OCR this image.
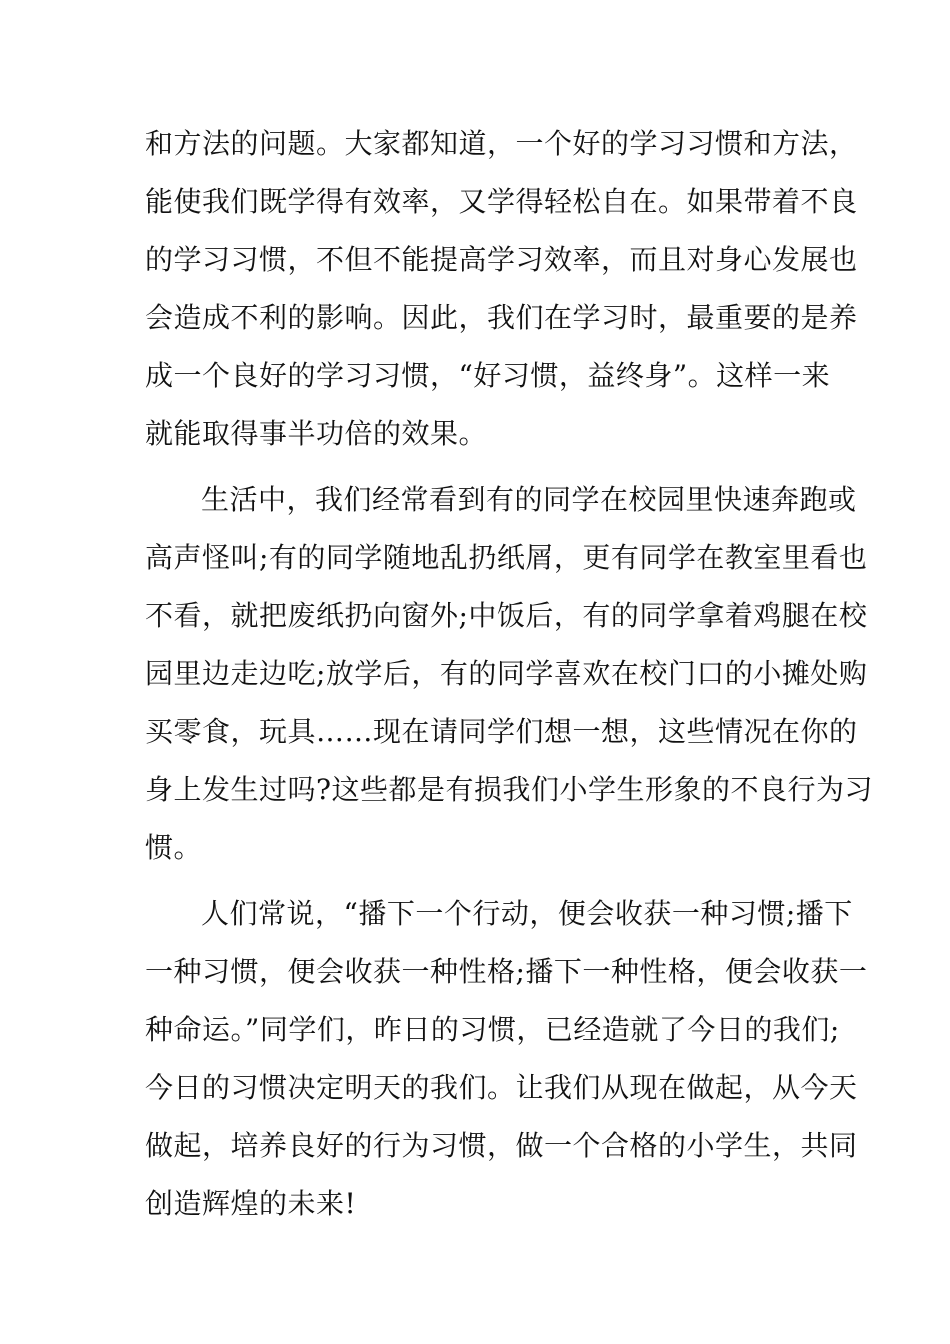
和方法的问题。大家都知道，一个好的学习习惯和方法，
能使我们既学得有效率，又学得轻松自在。如果带着不良
的学习习惯，不但不能提高学习效率，而且对身心发展也
会造成不利的影响。因此，我们在学习时，最重要的是养
成一个良好的学习习惯，“好习惯，益终身”。这样一来
就能取得事半功倍的效果。
生活中，我们经常看到有的同学在校园里快速奔跑或
高声怪叫;有的同学随地乱扔纸屑，更有同学在教室里看也
不看，就把废纸扔向窗外;中饭后，有的同学拿着鸡腿在校
园里边走边吃;放学后，有的同学喜欢在校门口的小摊处购
买零食，玩具……现在请同学们想一想，这些情况在你的
身上发生过吗?这些都是有损我们小学生形象的不良行为习
惯。
人们常说，“播下一个行动，便会收获一种习惯;播下
一种习惯，便会收获一种性格;播下一种性格，便会收获一
种命运。”同学们，昨日的习惯，已经造就了今日的我们;
今日的习惯决定明天的我们。让我们从现在做起，从今天
做起，培养良好的行为习惯，做一个合格的小学生，共同
创造辉煌的未来!
